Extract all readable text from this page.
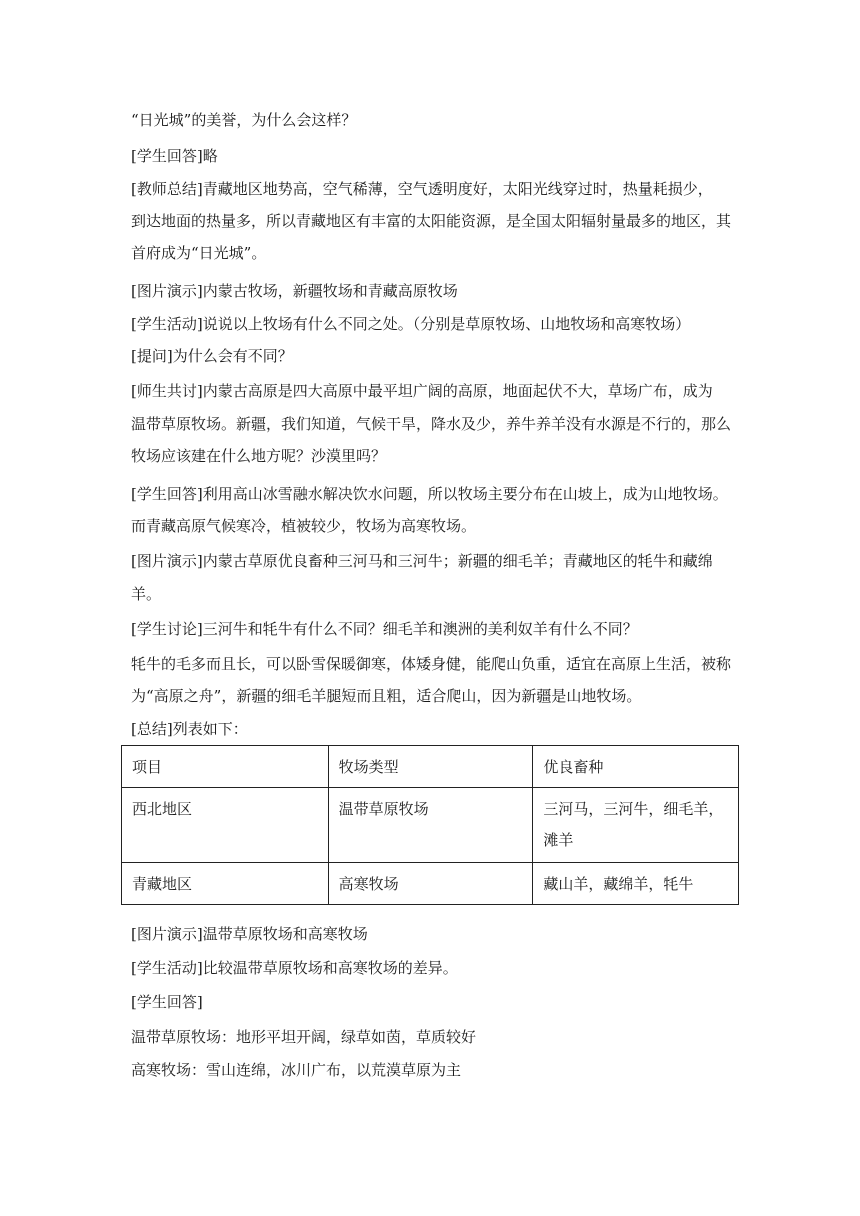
“日光城”的美誉，为什么会这样？
[学生回答]略
[教师总结]青藏地区地势高，空气稀薄，空气透明度好，太阳光线穿过时，热量耗损少，
到达地面的热量多，所以青藏地区有丰富的太阳能资源，是全国太阳辐射量最多的地区，其
首府成为“日光城”。
[图片演示]内蒙古牧场，新疆牧场和青藏高原牧场
[学生活动]说说以上牧场有什么不同之处。（分别是草原牧场、山地牧场和高寒牧场）
[提问]为什么会有不同？
[师生共讨]内蒙古高原是四大高原中最平坦广阔的高原，地面起伏不大，草场广布，成为
温带草原牧场。新疆，我们知道，气候干旱，降水及少，养牛养羊没有水源是不行的，那么
牧场应该建在什么地方呢？沙漠里吗？
[学生回答]利用高山冰雪融水解决饮水问题，所以牧场主要分布在山坡上，成为山地牧场。
而青藏高原气候寒冷，植被较少，牧场为高寒牧场。
[图片演示]内蒙古草原优良畜种三河马和三河牛；新疆的细毛羊；青藏地区的牦牛和藏绵
羊。
[学生讨论]三河牛和牦牛有什么不同？细毛羊和澳洲的美利奴羊有什么不同？
牦牛的毛多而且长，可以卧雪保暖御寒，体矮身健，能爬山负重，适宜在高原上生活，被称
为“高原之舟”，新疆的细毛羊腿短而且粗，适合爬山，因为新疆是山地牧场。
[总结]列表如下：
项目	牧场类型	优良畜种
西北地区	温带草原牧场	三河马，三河牛，细毛羊，滩羊
青藏地区	高寒牧场	藏山羊，藏绵羊，牦牛
[图片演示]温带草原牧场和高寒牧场
[学生活动]比较温带草原牧场和高寒牧场的差异。
[学生回答]
温带草原牧场：地形平坦开阔，绿草如茵，草质较好
高寒牧场：雪山连绵，冰川广布，以荒漠草原为主
